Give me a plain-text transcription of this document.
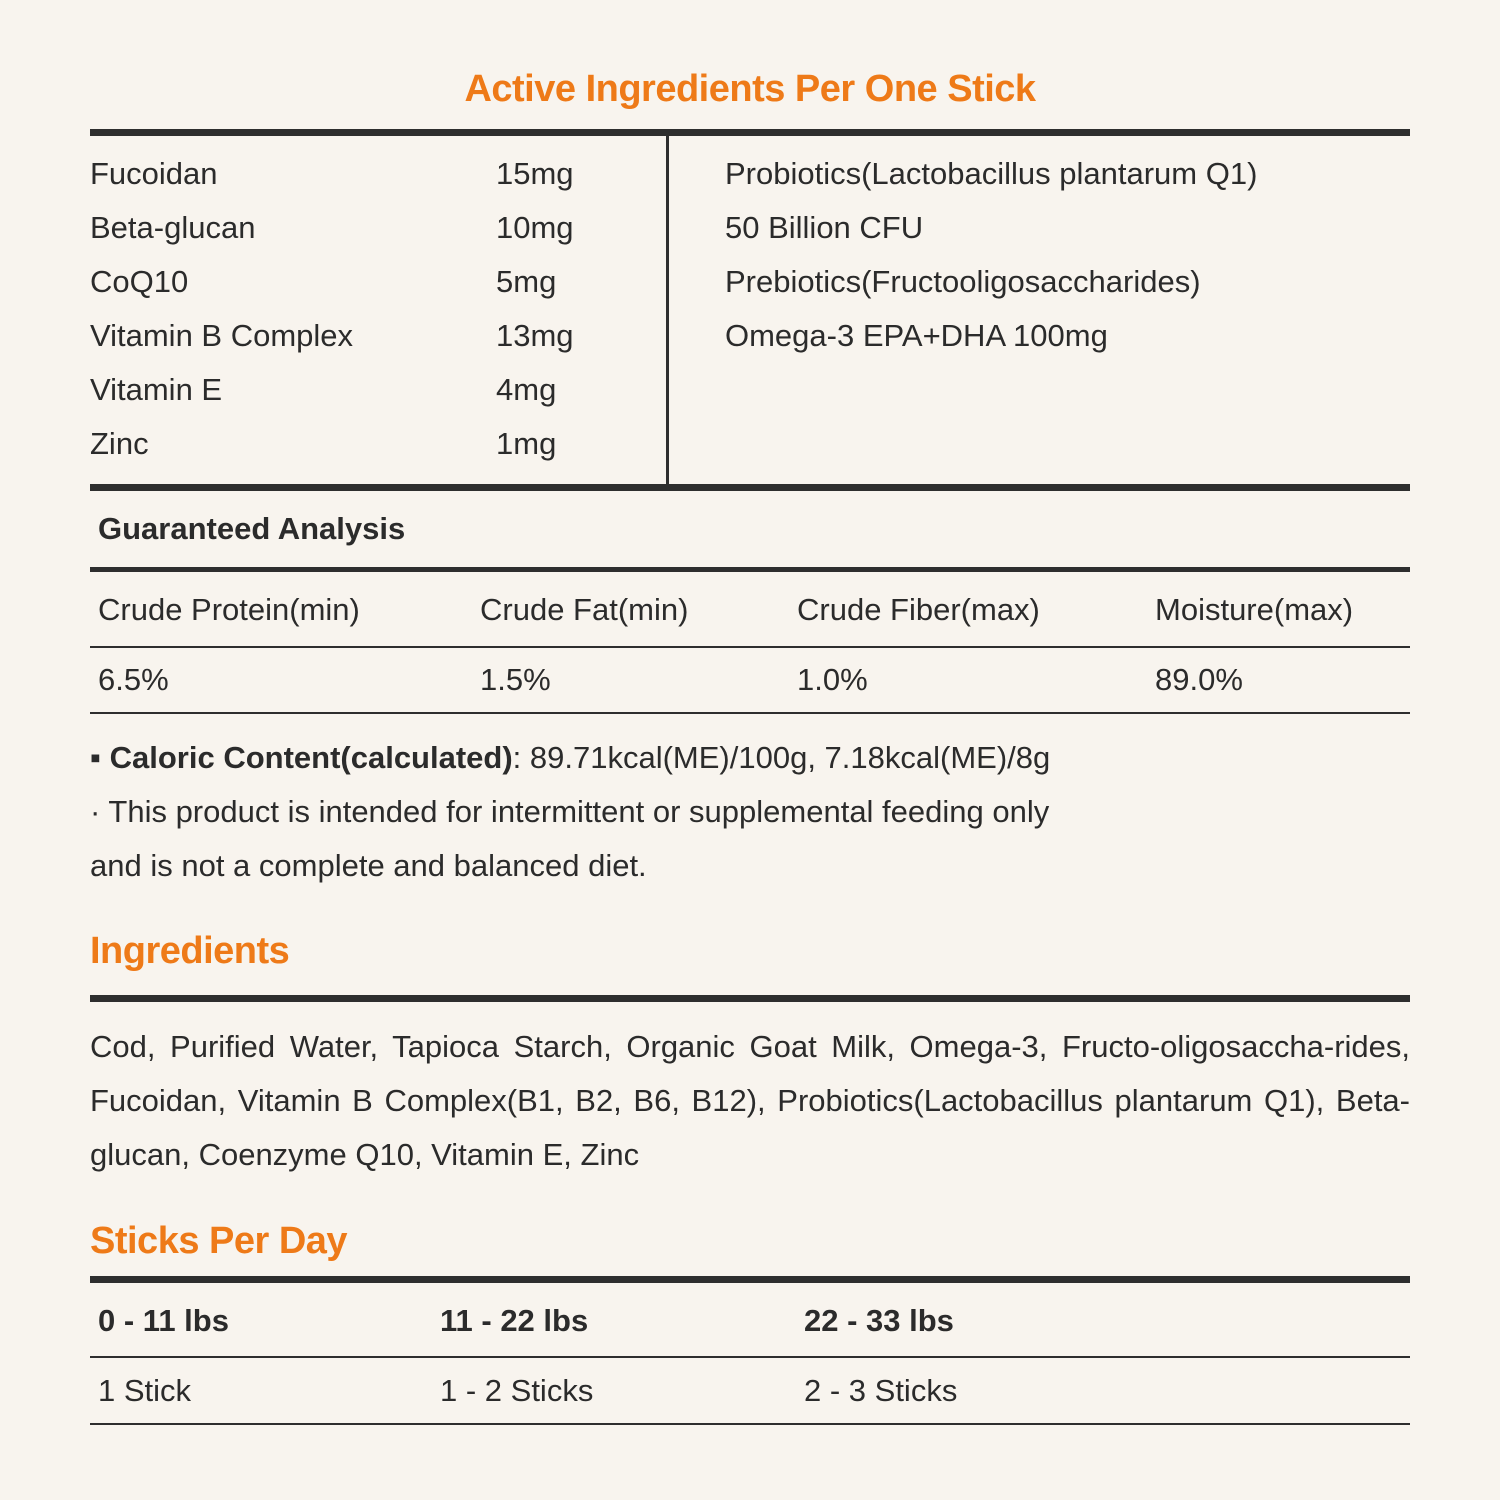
Active Ingredients Per One Stick
Fucoidan	15mg
Beta-glucan	10mg
CoQ10	5mg
Vitamin B Complex	13mg
Vitamin E	4mg
Zinc	1mg
Probiotics(Lactobacillus plantarum Q1)
50 Billion CFU
Prebiotics(Fructooligosaccharides)
Omega-3 EPA+DHA 100mg
Guaranteed Analysis
Crude Protein(min)	Crude Fat(min)	Crude Fiber(max)	Moisture(max)
6.5%	1.5%	1.0%	89.0%
▪ Caloric Content(calculated): 89.71kcal(ME)/100g, 7.18kcal(ME)/8g
· This product is intended for intermittent or supplemental feeding only
and is not a complete and balanced diet.
Ingredients
Cod, Purified Water, Tapioca Starch, Organic Goat Milk, Omega-3, Fructo-oligosaccha-rides, Fucoidan, Vitamin B Complex(B1, B2, B6, B12), Probiotics(Lactobacillus plantarum Q1), Beta-glucan, Coenzyme Q10, Vitamin E, Zinc
Sticks Per Day
0 - 11 lbs	11 - 22 lbs	22 - 33 lbs
1 Stick	1 - 2 Sticks	2 - 3 Sticks
